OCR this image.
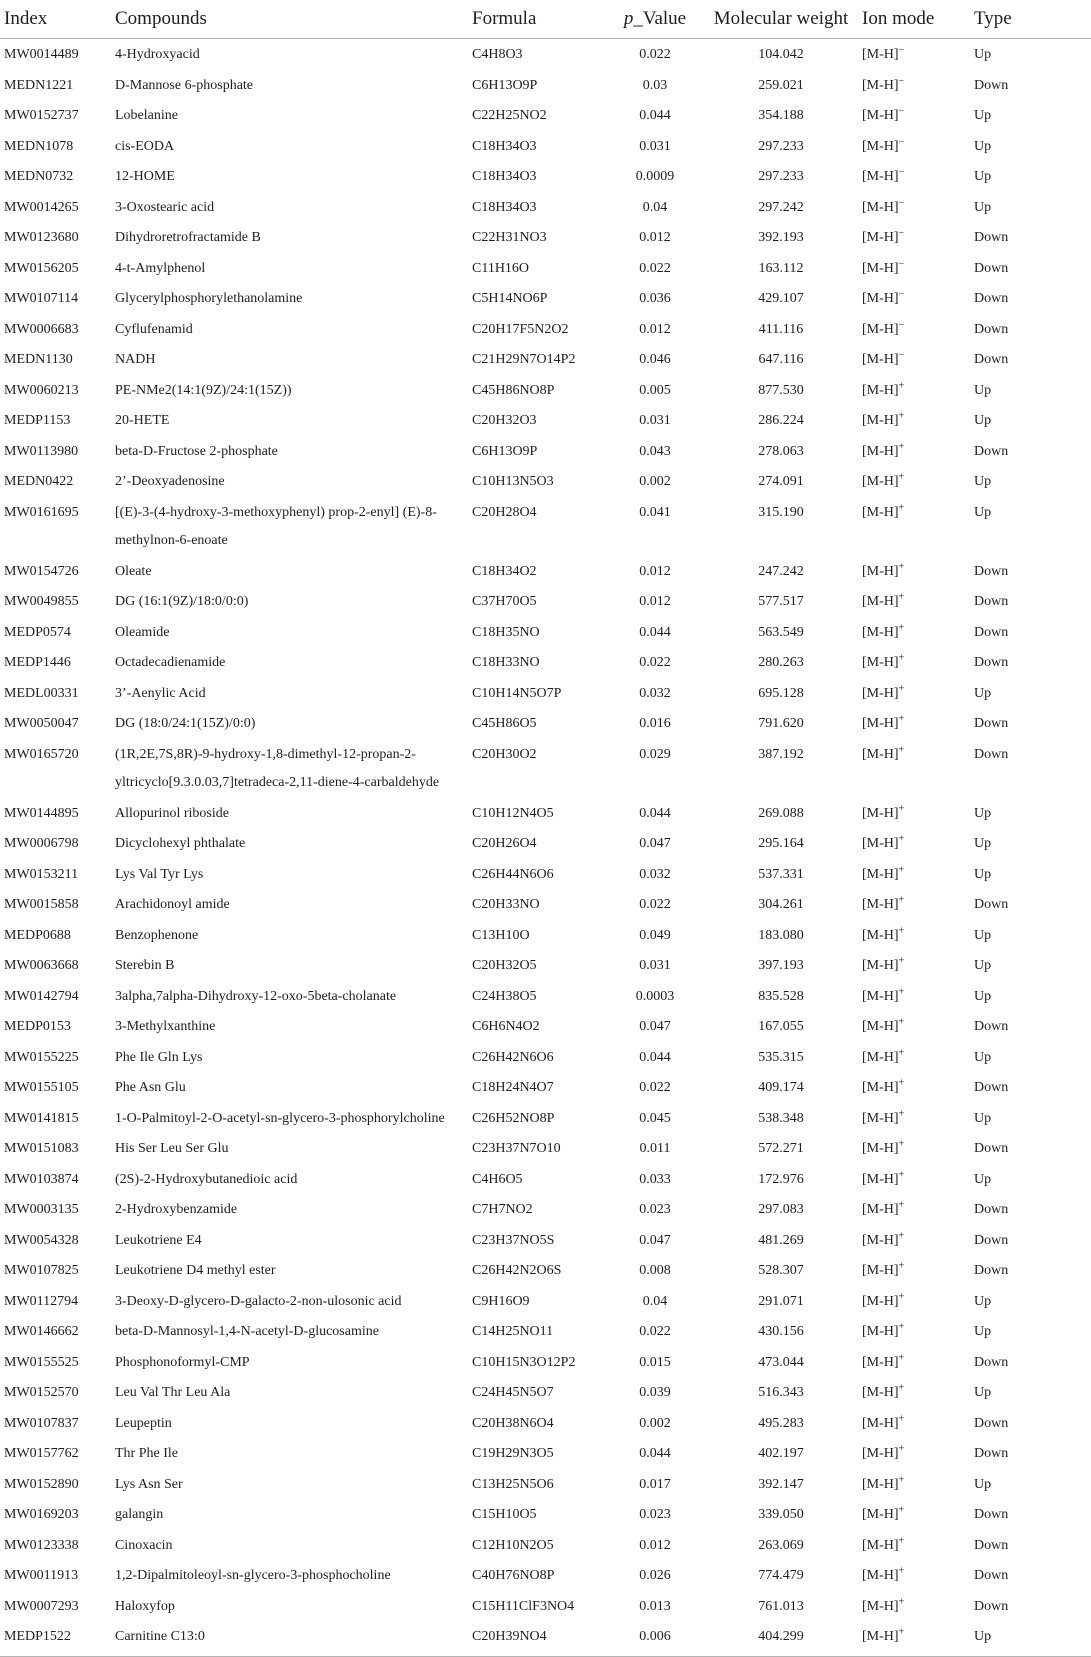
Index	Compounds	Formula	p_Value	Molecular weight	Ion mode	Type
MW0014489	4-Hydroxyacid	C4H8O3	0.022	104.042	[M-H]−	Up
MEDN1221	D-Mannose 6-phosphate	C6H13O9P	0.03	259.021	[M-H]−	Down
MW0152737	Lobelanine	C22H25NO2	0.044	354.188	[M-H]−	Up
MEDN1078	cis-EODA	C18H34O3	0.031	297.233	[M-H]−	Up
MEDN0732	12-HOME	C18H34O3	0.0009	297.233	[M-H]−	Up
MW0014265	3-Oxostearic acid	C18H34O3	0.04	297.242	[M-H]−	Up
MW0123680	Dihydroretrofractamide B	C22H31NO3	0.012	392.193	[M-H]−	Down
MW0156205	4-t-Amylphenol	C11H16O	0.022	163.112	[M-H]−	Down
MW0107114	Glycerylphosphorylethanolamine	C5H14NO6P	0.036	429.107	[M-H]−	Down
MW0006683	Cyflufenamid	C20H17F5N2O2	0.012	411.116	[M-H]−	Down
MEDN1130	NADH	C21H29N7O14P2	0.046	647.116	[M-H]−	Down
MW0060213	PE-NMe2(14:1(9Z)/24:1(15Z))	C45H86NO8P	0.005	877.530	[M-H]+	Up
MEDP1153	20-HETE	C20H32O3	0.031	286.224	[M-H]+	Up
MW0113980	beta-D-Fructose 2-phosphate	C6H13O9P	0.043	278.063	[M-H]+	Down
MEDN0422	2’-Deoxyadenosine	C10H13N5O3	0.002	274.091	[M-H]+	Up
MW0161695	[(E)-3-(4-hydroxy-3-methoxyphenyl) prop-2-enyl] (E)-8-methylnon-6-enoate	C20H28O4	0.041	315.190	[M-H]+	Up
MW0154726	Oleate	C18H34O2	0.012	247.242	[M-H]+	Down
MW0049855	DG (16:1(9Z)/18:0/0:0)	C37H70O5	0.012	577.517	[M-H]+	Down
MEDP0574	Oleamide	C18H35NO	0.044	563.549	[M-H]+	Down
MEDP1446	Octadecadienamide	C18H33NO	0.022	280.263	[M-H]+	Down
MEDL00331	3’-Aenylic Acid	C10H14N5O7P	0.032	695.128	[M-H]+	Up
MW0050047	DG (18:0/24:1(15Z)/0:0)	C45H86O5	0.016	791.620	[M-H]+	Down
MW0165720	(1R,2E,7S,8R)-9-hydroxy-1,8-dimethyl-12-propan-2-yltricyclo[9.3.0.03,7]tetradeca-2,11-diene-4-carbaldehyde	C20H30O2	0.029	387.192	[M-H]+	Down
MW0144895	Allopurinol riboside	C10H12N4O5	0.044	269.088	[M-H]+	Up
MW0006798	Dicyclohexyl phthalate	C20H26O4	0.047	295.164	[M-H]+	Up
MW0153211	Lys Val Tyr Lys	C26H44N6O6	0.032	537.331	[M-H]+	Up
MW0015858	Arachidonoyl amide	C20H33NO	0.022	304.261	[M-H]+	Down
MEDP0688	Benzophenone	C13H10O	0.049	183.080	[M-H]+	Up
MW0063668	Sterebin B	C20H32O5	0.031	397.193	[M-H]+	Up
MW0142794	3alpha,7alpha-Dihydroxy-12-oxo-5beta-cholanate	C24H38O5	0.0003	835.528	[M-H]+	Up
MEDP0153	3-Methylxanthine	C6H6N4O2	0.047	167.055	[M-H]+	Down
MW0155225	Phe Ile Gln Lys	C26H42N6O6	0.044	535.315	[M-H]+	Up
MW0155105	Phe Asn Glu	C18H24N4O7	0.022	409.174	[M-H]+	Down
MW0141815	1-O-Palmitoyl-2-O-acetyl-sn-glycero-3-phosphorylcholine	C26H52NO8P	0.045	538.348	[M-H]+	Up
MW0151083	His Ser Leu Ser Glu	C23H37N7O10	0.011	572.271	[M-H]+	Down
MW0103874	(2S)-2-Hydroxybutanedioic acid	C4H6O5	0.033	172.976	[M-H]+	Up
MW0003135	2-Hydroxybenzamide	C7H7NO2	0.023	297.083	[M-H]+	Down
MW0054328	Leukotriene E4	C23H37NO5S	0.047	481.269	[M-H]+	Down
MW0107825	Leukotriene D4 methyl ester	C26H42N2O6S	0.008	528.307	[M-H]+	Down
MW0112794	3-Deoxy-D-glycero-D-galacto-2-non-ulosonic acid	C9H16O9	0.04	291.071	[M-H]+	Up
MW0146662	beta-D-Mannosyl-1,4-N-acetyl-D-glucosamine	C14H25NO11	0.022	430.156	[M-H]+	Up
MW0155525	Phosphonoformyl-CMP	C10H15N3O12P2	0.015	473.044	[M-H]+	Down
MW0152570	Leu Val Thr Leu Ala	C24H45N5O7	0.039	516.343	[M-H]+	Up
MW0107837	Leupeptin	C20H38N6O4	0.002	495.283	[M-H]+	Down
MW0157762	Thr Phe Ile	C19H29N3O5	0.044	402.197	[M-H]+	Down
MW0152890	Lys Asn Ser	C13H25N5O6	0.017	392.147	[M-H]+	Up
MW0169203	galangin	C15H10O5	0.023	339.050	[M-H]+	Down
MW0123338	Cinoxacin	C12H10N2O5	0.012	263.069	[M-H]+	Down
MW0011913	1,2-Dipalmitoleoyl-sn-glycero-3-phosphocholine	C40H76NO8P	0.026	774.479	[M-H]+	Down
MW0007293	Haloxyfop	C15H11ClF3NO4	0.013	761.013	[M-H]+	Down
MEDP1522	Carnitine C13:0	C20H39NO4	0.006	404.299	[M-H]+	Up
